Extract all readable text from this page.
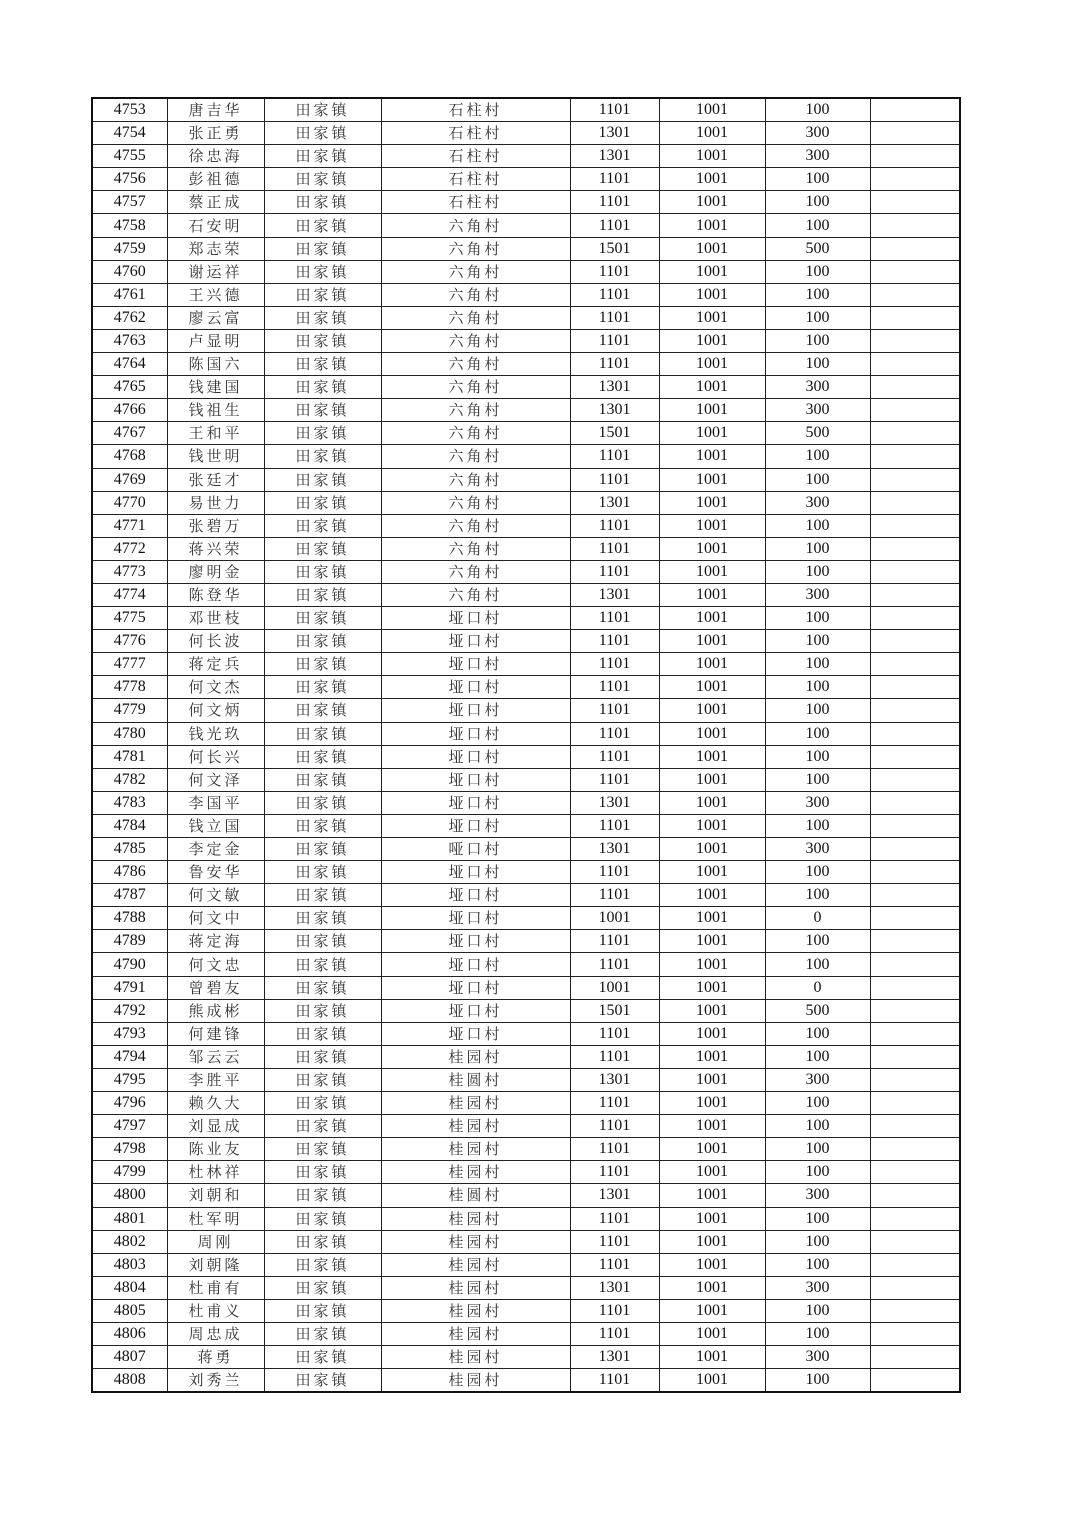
4753	唐吉华	田家镇	石柱村	1101	1001	100	
4754	张正勇	田家镇	石柱村	1301	1001	300	
4755	徐忠海	田家镇	石柱村	1301	1001	300	
4756	彭祖德	田家镇	石柱村	1101	1001	100	
4757	蔡正成	田家镇	石柱村	1101	1001	100	
4758	石安明	田家镇	六角村	1101	1001	100	
4759	郑志荣	田家镇	六角村	1501	1001	500	
4760	谢运祥	田家镇	六角村	1101	1001	100	
4761	王兴德	田家镇	六角村	1101	1001	100	
4762	廖云富	田家镇	六角村	1101	1001	100	
4763	卢显明	田家镇	六角村	1101	1001	100	
4764	陈国六	田家镇	六角村	1101	1001	100	
4765	钱建国	田家镇	六角村	1301	1001	300	
4766	钱祖生	田家镇	六角村	1301	1001	300	
4767	王和平	田家镇	六角村	1501	1001	500	
4768	钱世明	田家镇	六角村	1101	1001	100	
4769	张廷才	田家镇	六角村	1101	1001	100	
4770	易世力	田家镇	六角村	1301	1001	300	
4771	张碧万	田家镇	六角村	1101	1001	100	
4772	蒋兴荣	田家镇	六角村	1101	1001	100	
4773	廖明金	田家镇	六角村	1101	1001	100	
4774	陈登华	田家镇	六角村	1301	1001	300	
4775	邓世枝	田家镇	垭口村	1101	1001	100	
4776	何长波	田家镇	垭口村	1101	1001	100	
4777	蒋定兵	田家镇	垭口村	1101	1001	100	
4778	何文杰	田家镇	垭口村	1101	1001	100	
4779	何文炳	田家镇	垭口村	1101	1001	100	
4780	钱光玖	田家镇	垭口村	1101	1001	100	
4781	何长兴	田家镇	垭口村	1101	1001	100	
4782	何文泽	田家镇	垭口村	1101	1001	100	
4783	李国平	田家镇	垭口村	1301	1001	300	
4784	钱立国	田家镇	垭口村	1101	1001	100	
4785	李定金	田家镇	哑口村	1301	1001	300	
4786	鲁安华	田家镇	垭口村	1101	1001	100	
4787	何文敏	田家镇	垭口村	1101	1001	100	
4788	何文中	田家镇	垭口村	1001	1001	0	
4789	蒋定海	田家镇	垭口村	1101	1001	100	
4790	何文忠	田家镇	垭口村	1101	1001	100	
4791	曾碧友	田家镇	垭口村	1001	1001	0	
4792	熊成彬	田家镇	垭口村	1501	1001	500	
4793	何建锋	田家镇	垭口村	1101	1001	100	
4794	邹云云	田家镇	桂园村	1101	1001	100	
4795	李胜平	田家镇	桂圆村	1301	1001	300	
4796	赖久大	田家镇	桂园村	1101	1001	100	
4797	刘显成	田家镇	桂园村	1101	1001	100	
4798	陈业友	田家镇	桂园村	1101	1001	100	
4799	杜林祥	田家镇	桂园村	1101	1001	100	
4800	刘朝和	田家镇	桂圆村	1301	1001	300	
4801	杜军明	田家镇	桂园村	1101	1001	100	
4802	周刚	田家镇	桂园村	1101	1001	100	
4803	刘朝隆	田家镇	桂园村	1101	1001	100	
4804	杜甫有	田家镇	桂园村	1301	1001	300	
4805	杜甫义	田家镇	桂园村	1101	1001	100	
4806	周忠成	田家镇	桂园村	1101	1001	100	
4807	蒋勇	田家镇	桂园村	1301	1001	300	
4808	刘秀兰	田家镇	桂园村	1101	1001	100	
